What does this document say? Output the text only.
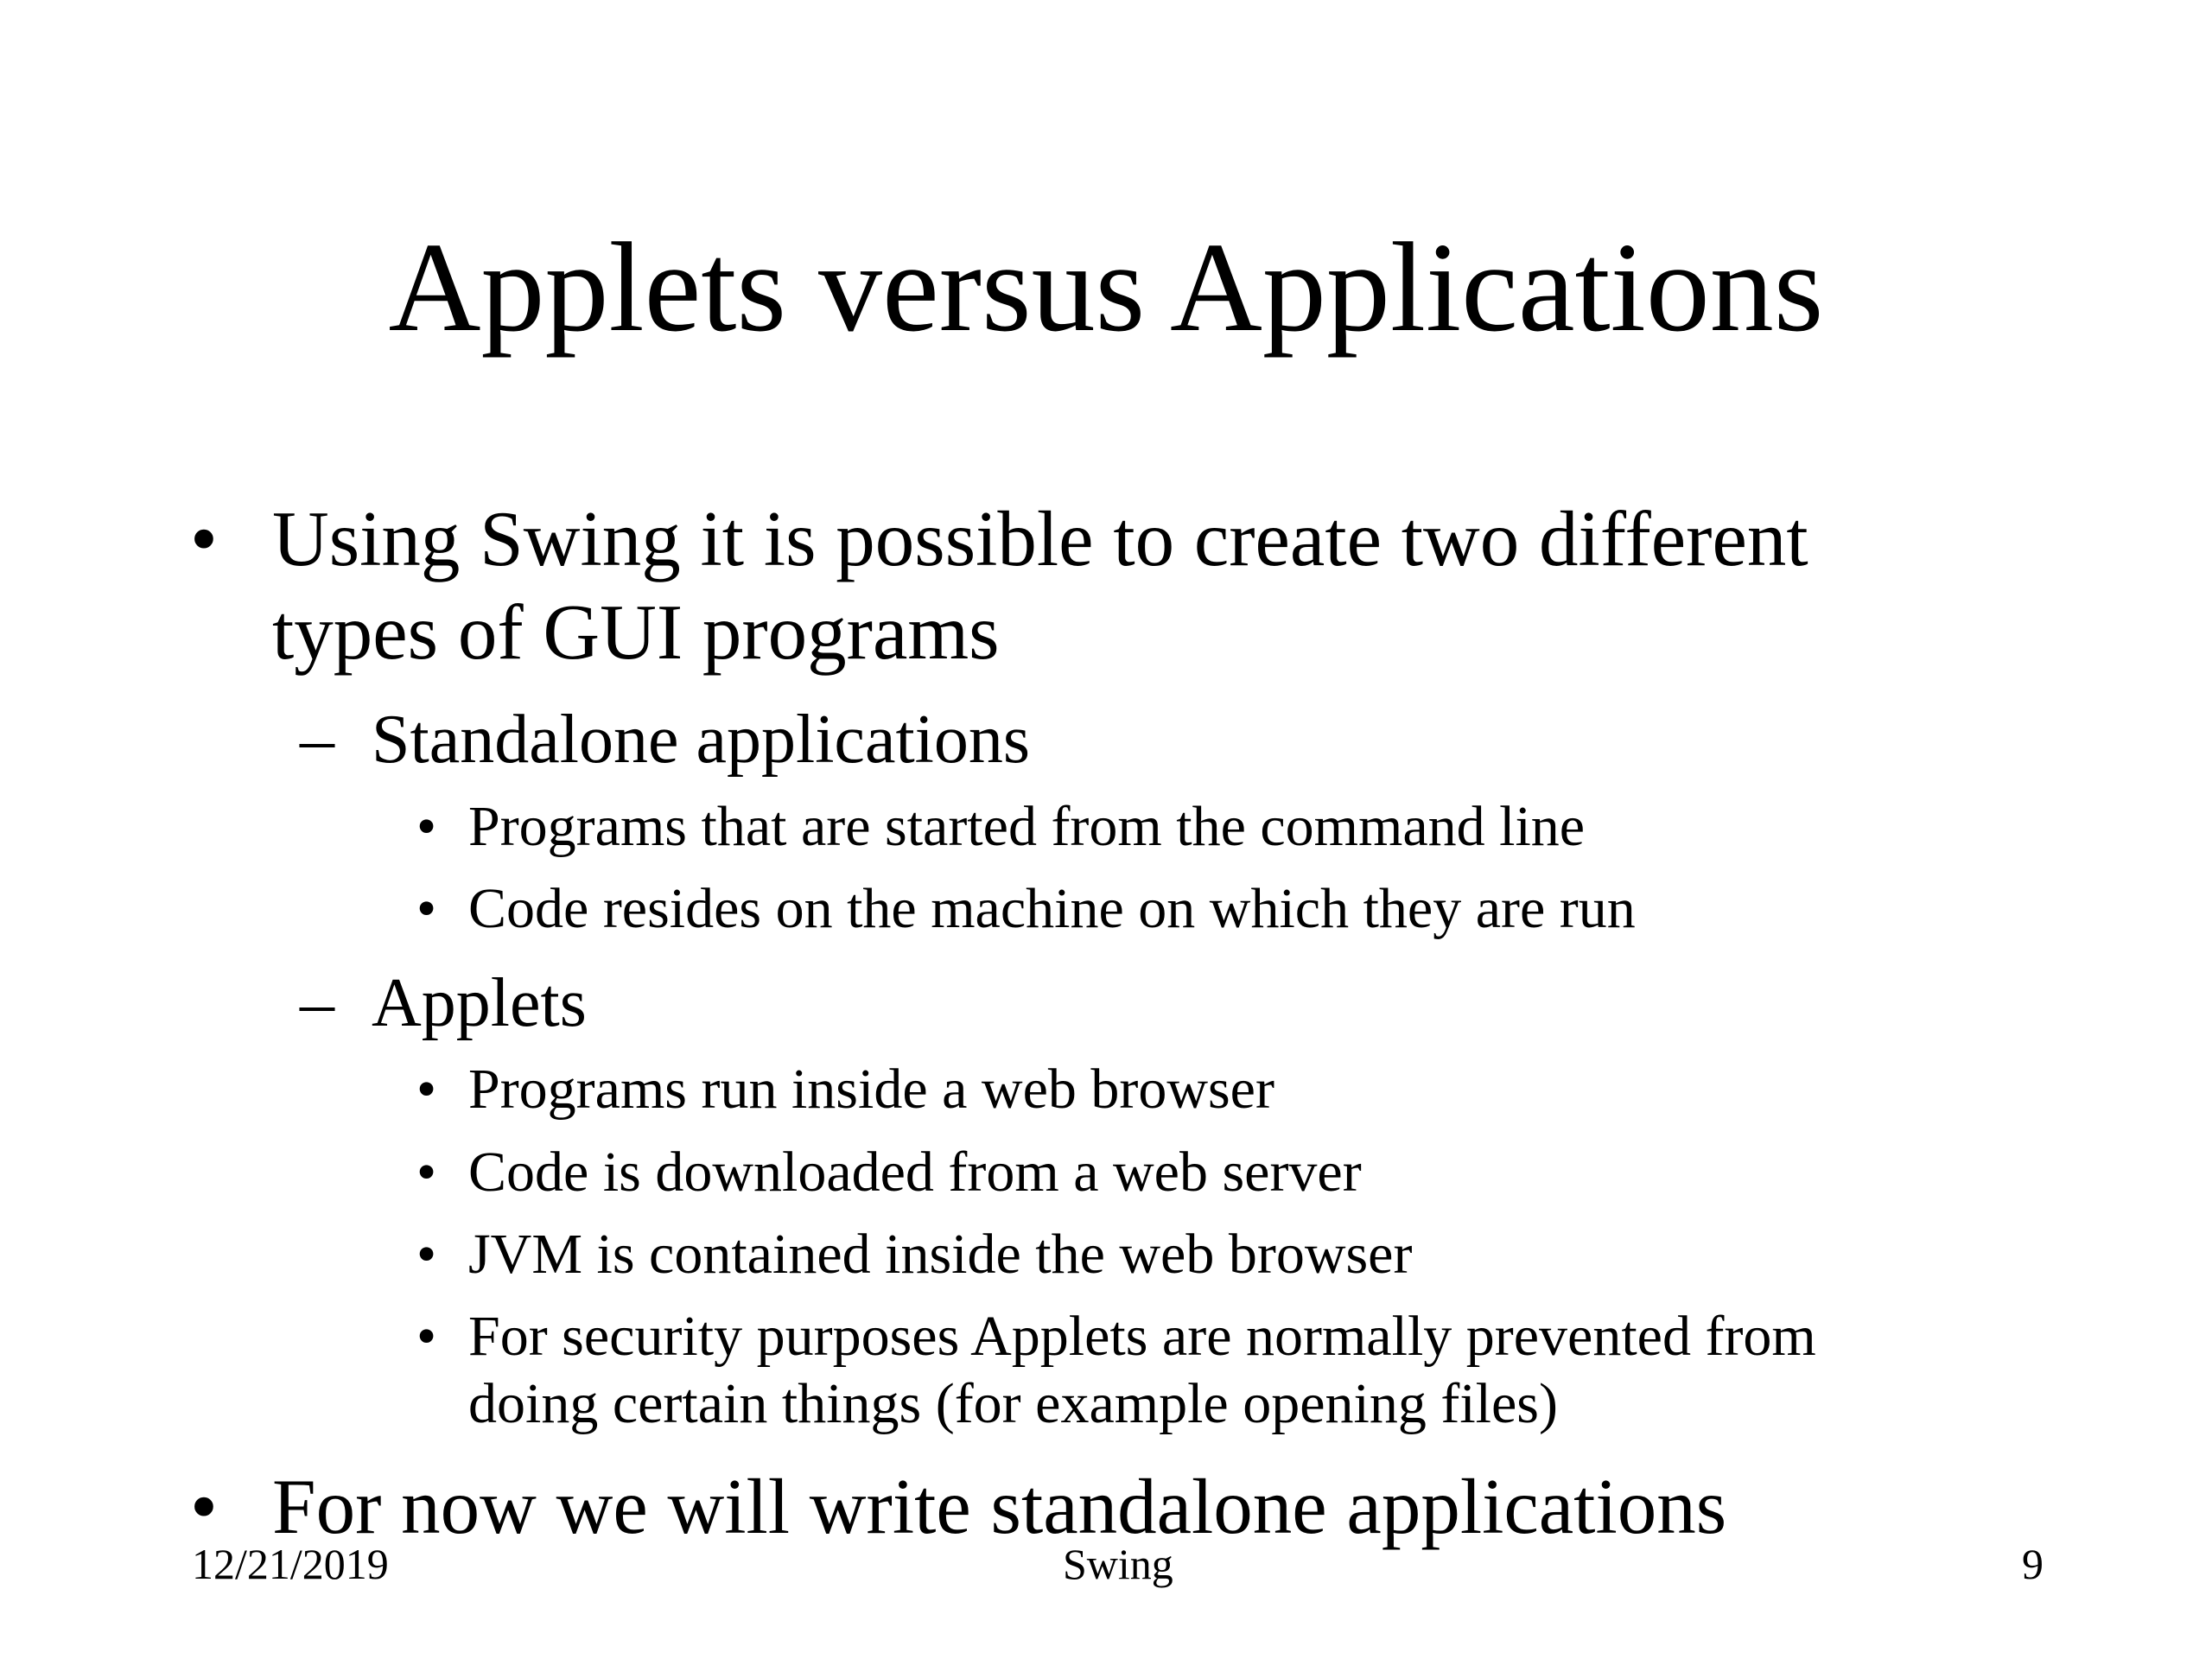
Applets versus Applications
• Using Swing it is possible to create two different
types of GUI programs
– Standalone applications
• Programs that are started from the command line
• Code resides on the machine on which they are run
– Applets
• Programs run inside a web browser
• Code is downloaded from a web server
• JVM is contained inside the web browser
• For security purposes Applets are normally prevented from
doing certain things (for example opening files)
• For now we will write standalone applications
12/21/2019	Swing	9
